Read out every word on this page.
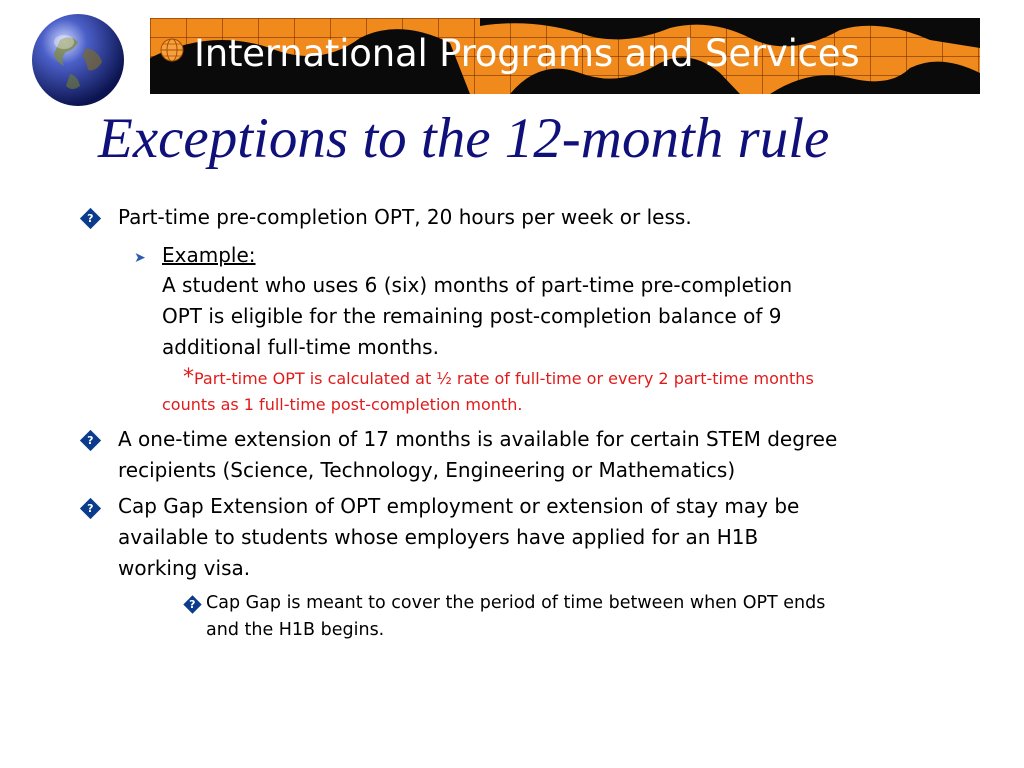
International Programs and Services
Exceptions to the 12-month rule
? Part-time pre-completion OPT, 20 hours per week or less.
➤ Example:
A student who uses 6 (six) months of part-time pre-completion
OPT is eligible for the remaining post-completion balance of 9
additional full-time months.
*Part-time OPT is calculated at ½ rate of full-time or every 2 part-time months
counts as 1 full-time post-completion month.
? A one-time extension of 17 months is available for certain STEM degree
recipients (Science, Technology, Engineering or Mathematics)
? Cap Gap Extension of OPT employment or extension of stay may be
available to students whose employers have applied for an H1B
working visa.
? Cap Gap is meant to cover the period of time between when OPT ends
and the H1B begins.
